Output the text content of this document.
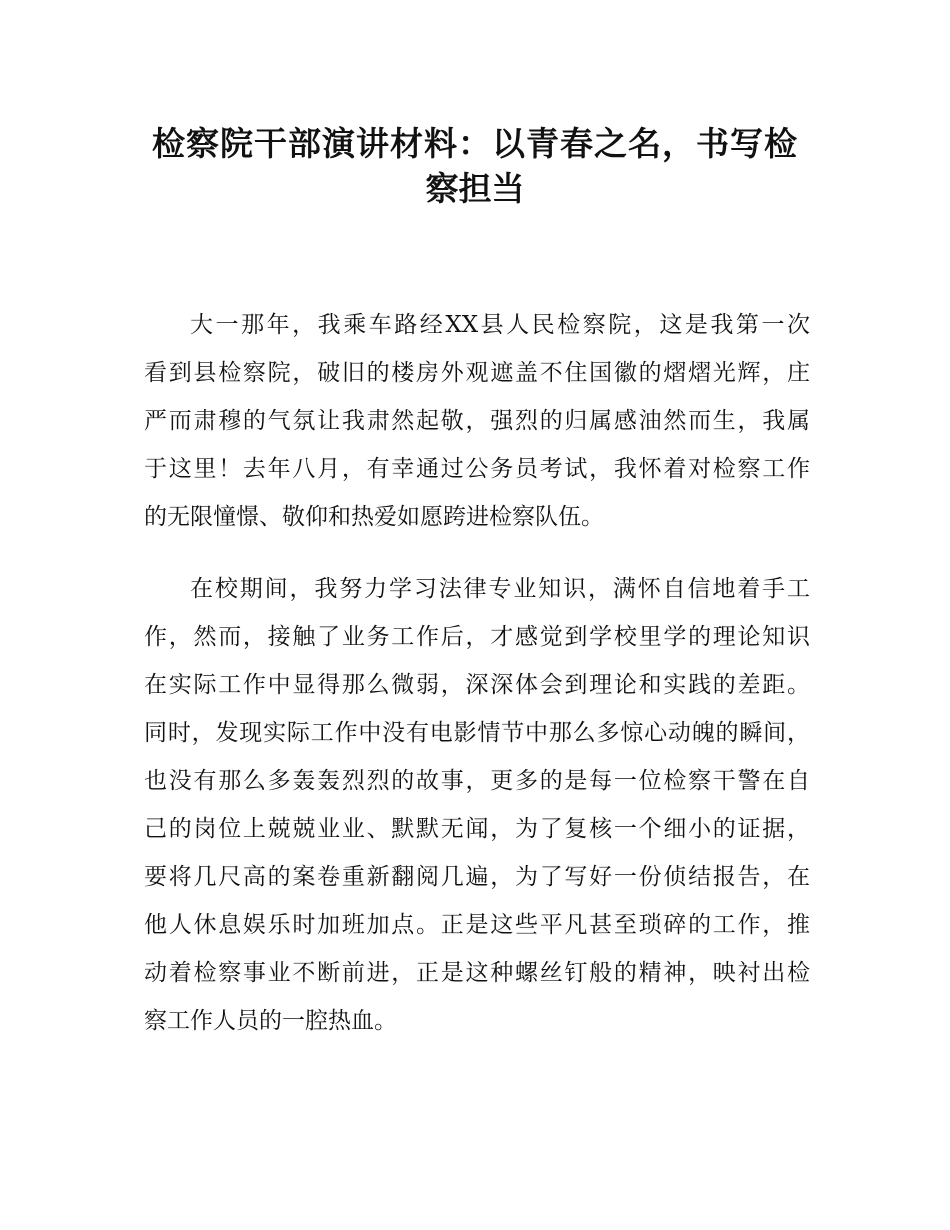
检察院干部演讲材料：以青春之名，书写检
察担当
大一那年，我乘车路经XX县人民检察院，这是我第一次
看到县检察院，破旧的楼房外观遮盖不住国徽的熠熠光辉，庄
严而肃穆的气氛让我肃然起敬，强烈的归属感油然而生，我属
于这里！去年八月，有幸通过公务员考试，我怀着对检察工作
的无限憧憬、敬仰和热爱如愿跨进检察队伍。
在校期间，我努力学习法律专业知识，满怀自信地着手工
作，然而，接触了业务工作后，才感觉到学校里学的理论知识
在实际工作中显得那么微弱，深深体会到理论和实践的差距。
同时，发现实际工作中没有电影情节中那么多惊心动魄的瞬间，
也没有那么多轰轰烈烈的故事，更多的是每一位检察干警在自
己的岗位上兢兢业业、默默无闻，为了复核一个细小的证据，
要将几尺高的案卷重新翻阅几遍，为了写好一份侦结报告，在
他人休息娱乐时加班加点。正是这些平凡甚至琐碎的工作，推
动着检察事业不断前进，正是这种螺丝钉般的精神，映衬出检
察工作人员的一腔热血。
